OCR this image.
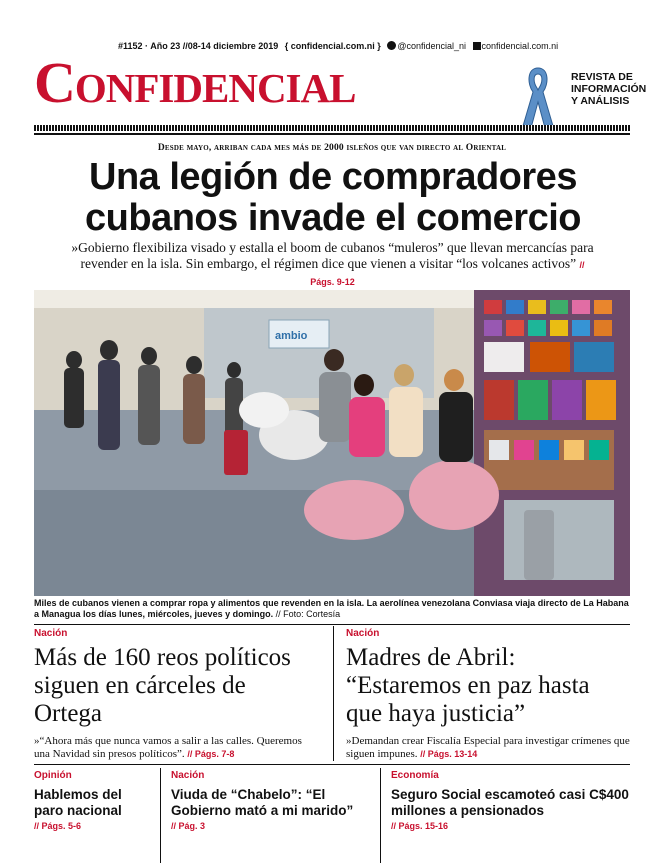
#1152 · Año 23 //08-14 diciembre 2019 { confidencial.com.ni } @confidencial_ni confidencial.com.ni
Confidencial	REVISTA DE
INFORMACIÓN
Y ANÁLISIS
Desde mayo, arriban cada mes más de 2000 isleños que van directo al Oriental
Una legión de compradores
cubanos invade el comercio
»Gobierno flexibiliza visado y estalla el boom de cubanos “muleros” que llevan mercancías para revender en la isla. Sin embargo, el régimen dice que vienen a visitar “los volcanes activos” // Págs. 9-12
ambio
Miles de cubanos vienen a comprar ropa y alimentos que revenden en la isla. La aerolínea venezolana Conviasa viaja directo de La Habana a Managua los días lunes, miércoles, jueves y domingo. // Foto: Cortesía
Nación
Más de 160 reos políticos siguen en cárceles de Ortega
»“Ahora más que nunca vamos a salir a las calles. Queremos una Navidad sin presos políticos”. // Págs. 7-8
Nación
Madres de Abril: “Estaremos en paz hasta que haya justicia”
»Demandan crear Fiscalía Especial para investigar crímenes que siguen impunes. // Págs. 13-14
Opinión
Hablemos del paro nacional
// Págs. 5-6
Nación
Viuda de “Chabelo”: “El Gobierno mató a mi marido”
// Pág. 3
Economía
Seguro Social escamoteó casi C$400 millones a pensionados
// Págs. 15-16
